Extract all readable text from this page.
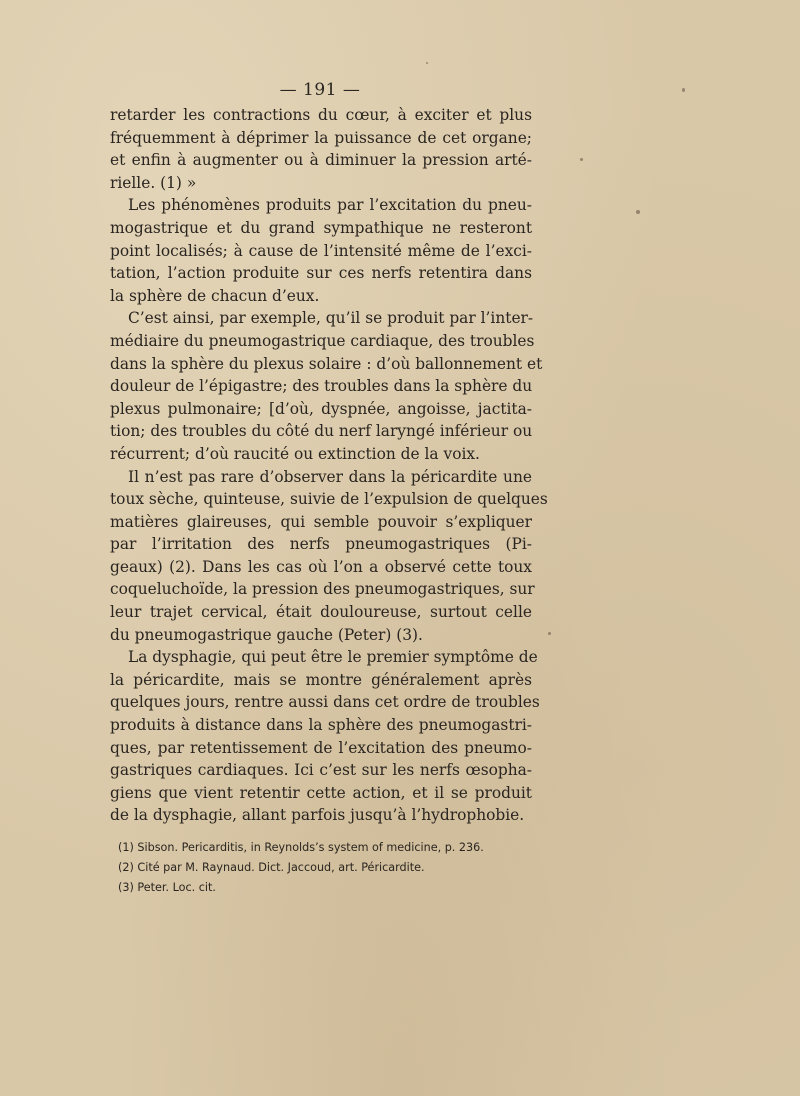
— 191 —

retarder les contractions du cœur, à exciter et plus
fréquemment à déprimer la puissance de cet organe;
et enfin à augmenter ou à diminuer la pression arté-
rielle. (1) »

Les phénomènes produits par l’excitation du pneu-
mogastrique et du grand sympathique ne resteront
point localisés; à cause de l’intensité même de l’exci-
tation, l’action produite sur ces nerfs retentira dans
la sphère de chacun d’eux.

C’est ainsi, par exemple, qu’il se produit par l’inter-
médiaire du pneumogastrique cardiaque, des troubles
dans la sphère du plexus solaire : d’où ballonnement et
douleur de l’épigastre; des troubles dans la sphère du
plexus pulmonaire; [d’où, dyspnée, angoisse, jactita-
tion; des troubles du côté du nerf laryngé inférieur ou
récurrent; d’où raucité ou extinction de la voix.

Il n’est pas rare d’observer dans la péricardite une
toux sèche, quinteuse, suivie de l’expulsion de quelques
matières glaireuses, qui semble pouvoir s’expliquer
par l’irritation des nerfs pneumogastriques (Pi-
geaux) (2). Dans les cas où l’on a observé cette toux
coqueluchoïde, la pression des pneumogastriques, sur
leur trajet cervical, était douloureuse, surtout celle
du pneumogastrique gauche (Peter) (3).

La dysphagie, qui peut être le premier symptôme de
la péricardite, mais se montre généralement après
quelques jours, rentre aussi dans cet ordre de troubles
produits à distance dans la sphère des pneumogastri-
ques, par retentissement de l’excitation des pneumo-
gastriques cardiaques. Ici c’est sur les nerfs œsopha-
giens que vient retentir cette action, et il se produit
de la dysphagie, allant parfois jusqu’à l’hydrophobie.

(1) Sibson. Pericarditis, in Reynolds’s system of medicine, p. 236.
(2) Cité par M. Raynaud. Dict. Jaccoud, art. Péricardite.
(3) Peter. Loc. cit.
